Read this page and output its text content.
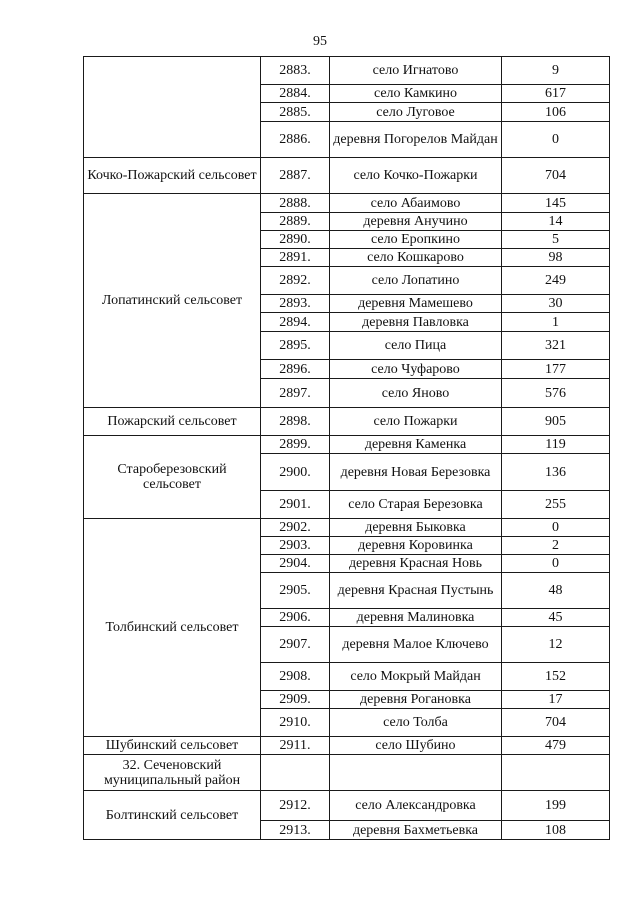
95
	2883.	село Игнатово	9
	2884.	село Камкино	617
	2885.	село Луговое	106
	2886.	деревня Погорелов Майдан	0
Кочко-Пожарский сельсовет	2887.	село Кочко-Пожарки	704
Лопатинский сельсовет	2888.	село Абаимово	145
	2889.	деревня Анучино	14
	2890.	село Еропкино	5
	2891.	село Кошкарово	98
	2892.	село Лопатино	249
	2893.	деревня Мамешево	30
	2894.	деревня Павловка	1
	2895.	село Пица	321
	2896.	село Чуфарово	177
	2897.	село Яново	576
Пожарский сельсовет	2898.	село Пожарки	905
Староберезовский сельсовет	2899.	деревня Каменка	119
	2900.	деревня Новая Березовка	136
	2901.	село Старая Березовка	255
Толбинский сельсовет	2902.	деревня Быковка	0
	2903.	деревня Коровинка	2
	2904.	деревня Красная Новь	0
	2905.	деревня Красная Пустынь	48
	2906.	деревня Малиновка	45
	2907.	деревня Малое Ключево	12
	2908.	село Мокрый Майдан	152
	2909.	деревня Рогановка	17
	2910.	село Толба	704
Шубинский сельсовет	2911.	село Шубино	479
32. Сеченовский муниципальный район			
Болтинский сельсовет	2912.	село Александровка	199
	2913.	деревня Бахметьевка	108
